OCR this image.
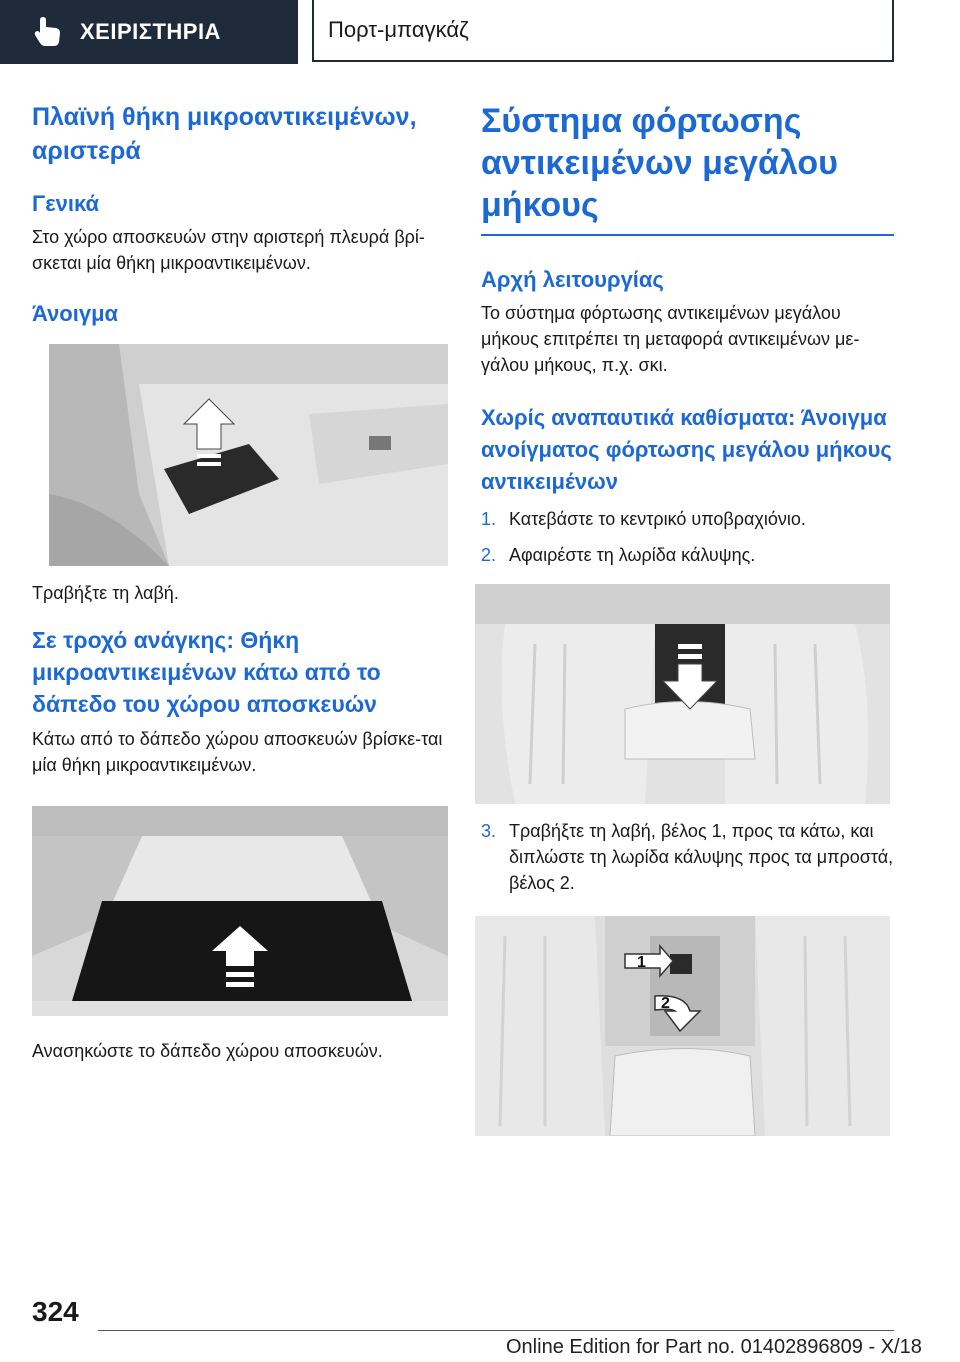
ΧΕΙΡΙΣΤΗΡΙΑ	Πορτ-μπαγκάζ
Πλαϊνή θήκη μικροαντικειμένων, αριστερά
Γενικά

Στο χώρο αποσκευών στην αριστερή πλευρά βρί-σκεται μία θήκη μικροαντικειμένων.

Άνοιγμα

Τραβήξτε τη λαβή.

Σε τροχό ανάγκης: Θήκη μικροαντικειμένων κάτω από το δάπεδο του χώρου αποσκευών

Κάτω από το δάπεδο χώρου αποσκευών βρίσκε-ται μία θήκη μικροαντικειμένων.

Ανασηκώστε το δάπεδο χώρου αποσκευών.

Σύστημα φόρτωσης αντικειμένων μεγάλου μήκους
Αρχή λειτουργίας

Το σύστημα φόρτωσης αντικειμένων μεγάλου μήκους επιτρέπει τη μεταφορά αντικειμένων με-γάλου μήκους, π.χ. σκι.

Χωρίς αναπαυτικά καθίσματα: Άνοιγμα ανοίγματος φόρτωσης μεγάλου μήκους αντικειμένων
1. Κατεβάστε το κεντρικό υποβραχιόνιο.
2. Αφαιρέστε τη λωρίδα κάλυψης.
3. Τραβήξτε τη λαβή, βέλος 1, προς τα κάτω, και διπλώστε τη λωρίδα κάλυψης προς τα μπροστά, βέλος 2.
1
2
324
Online Edition for Part no. 01402896809 - X/18
